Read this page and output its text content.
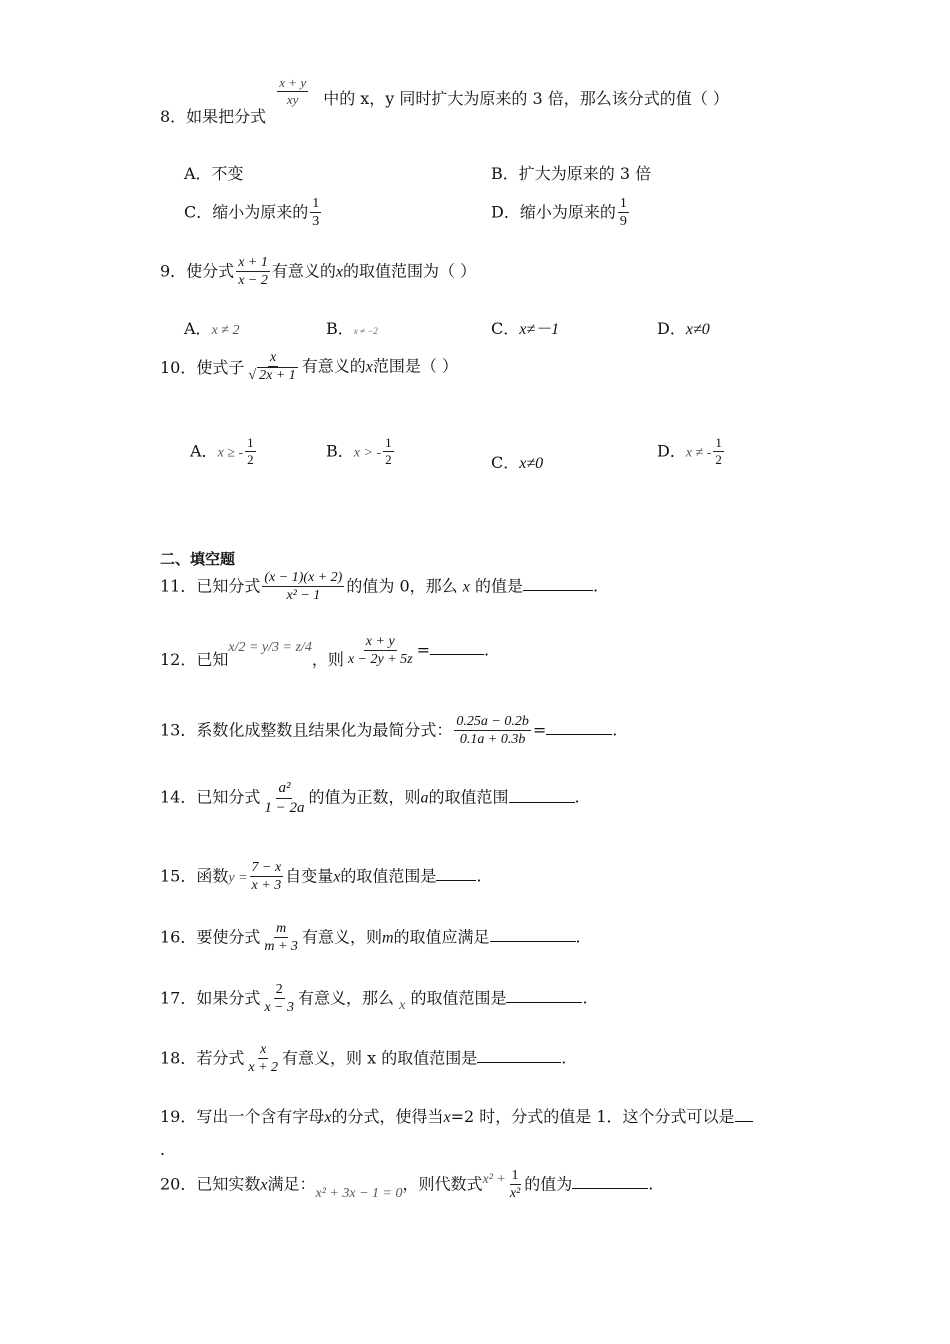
8．如果把分式
$\frac{x + y}{xy}$ 中的 x，y 同时扩大为原来的 3 倍，那么该分式的值（ ）
A．不变	B．扩大为原来的 3 倍
C．缩小为原来的 $\frac{1}{3}$	D．缩小为原来的 $\frac{1}{9}$
9．使分式 $\frac{x + 1}{x - 2}$ 有意义的x的取值范围为（ ）
A．x ≠ 2	B．x ≠ −2	C．x≠－1	D．x≠0
10．使式子 $\frac{x}{√ 2x + 1}$ 有意义的x范围是（ ）
A．x ≥ - $\frac{1}{2}$	B．x > - $\frac{1}{2}$	C．x≠0
D．x ≠ - $\frac{1}{2}$
二、填空题
11．已知分式 $\frac{(x - 1)(x + 2)}{\text{x² − 1}}$ 的值为 0，那么 x 的值是	.
12．已知x/2 = y/3 = z/4，则 $\frac{x + y}{x - 2y + 5z}$ =	.
13．系数化成整数且结果化为最简分式： $\frac{0.25a - 0.2b}{0.1a + 0.3b}$ =	.
14．已知分式 $\frac{\text{a²}}{1 - 2a}$ 的值为正数，则a的取值范围	.
15．函数$y = \frac{7 - x}{x + 3}$ 自变量x的取值范围是	.
16．要使分式 $\frac{m}{m + 3}$ 有意义，则m的取值应满足	.
17．如果分式 $\frac{2}{x - 3}$ 有意义，那么 x 的取值范围是	.
18．若分式 $\frac{x}{x + 2}$ 有意义，则 x 的取值范围是	.
19．写出一个含有字母x的分式，使得当x=2 时，分式的值是 1．这个分式可以是
.
20．已知实数x满足：x² + 3x − 1 = 0，则代数式$x^2 + \frac{1}{\text{x²}}$ 的值为	.
